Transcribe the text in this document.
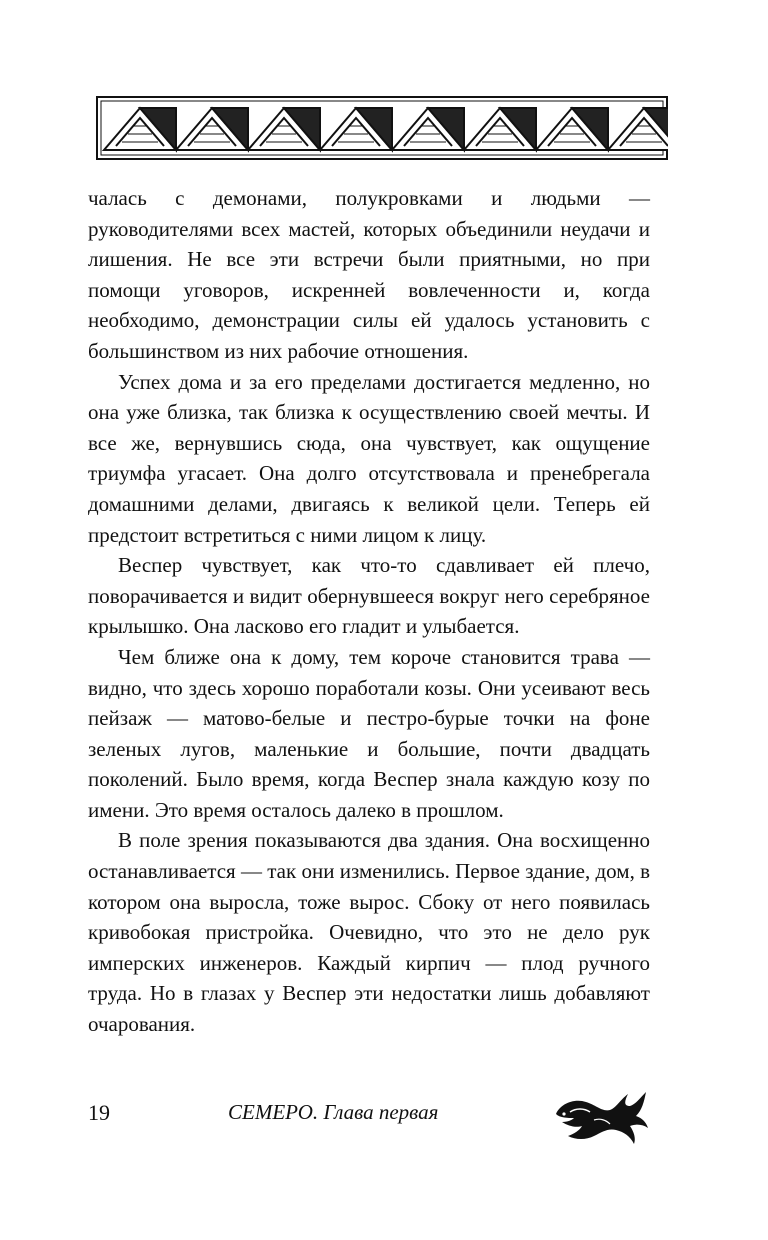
чалась с демонами, полукровками и людьми — руководителями всех мастей, которых объединили неудачи и лишения. Не все эти встречи были приятными, но при помощи уговоров, искренней вовлеченности и, когда необходимо, демонстрации силы ей удалось установить с большинством из них рабочие отношения.

Успех дома и за его пределами достигается медленно, но она уже близка, так близка к осуществлению своей мечты. И все же, вернувшись сюда, она чувствует, как ощущение триумфа угасает. Она долго отсутствовала и пренебрегала домашними делами, двигаясь к великой цели. Теперь ей предстоит встретиться с ними лицом к лицу.

Веспер чувствует, как что-то сдавливает ей плечо, поворачивается и видит обернувшееся вокруг него серебряное крылышко. Она ласково его гладит и улыбается.

Чем ближе она к дому, тем короче становится трава — видно, что здесь хорошо поработали козы. Они усеивают весь пейзаж — матово-белые и пестро-бурые точки на фоне зеленых лугов, маленькие и большие, почти двадцать поколений. Было время, когда Веспер знала каждую козу по имени. Это время осталось далеко в прошлом.

В поле зрения показываются два здания. Она восхищенно останавливается — так они изменились. Первое здание, дом, в котором она выросла, тоже вырос. Сбоку от него появилась кривобокая пристройка. Очевидно, что это не дело рук имперских инженеров. Каждый кирпич — плод ручного труда. Но в глазах у Веспер эти недостатки лишь добавляют очарования.

19	СЕМЕРО. Глава первая
